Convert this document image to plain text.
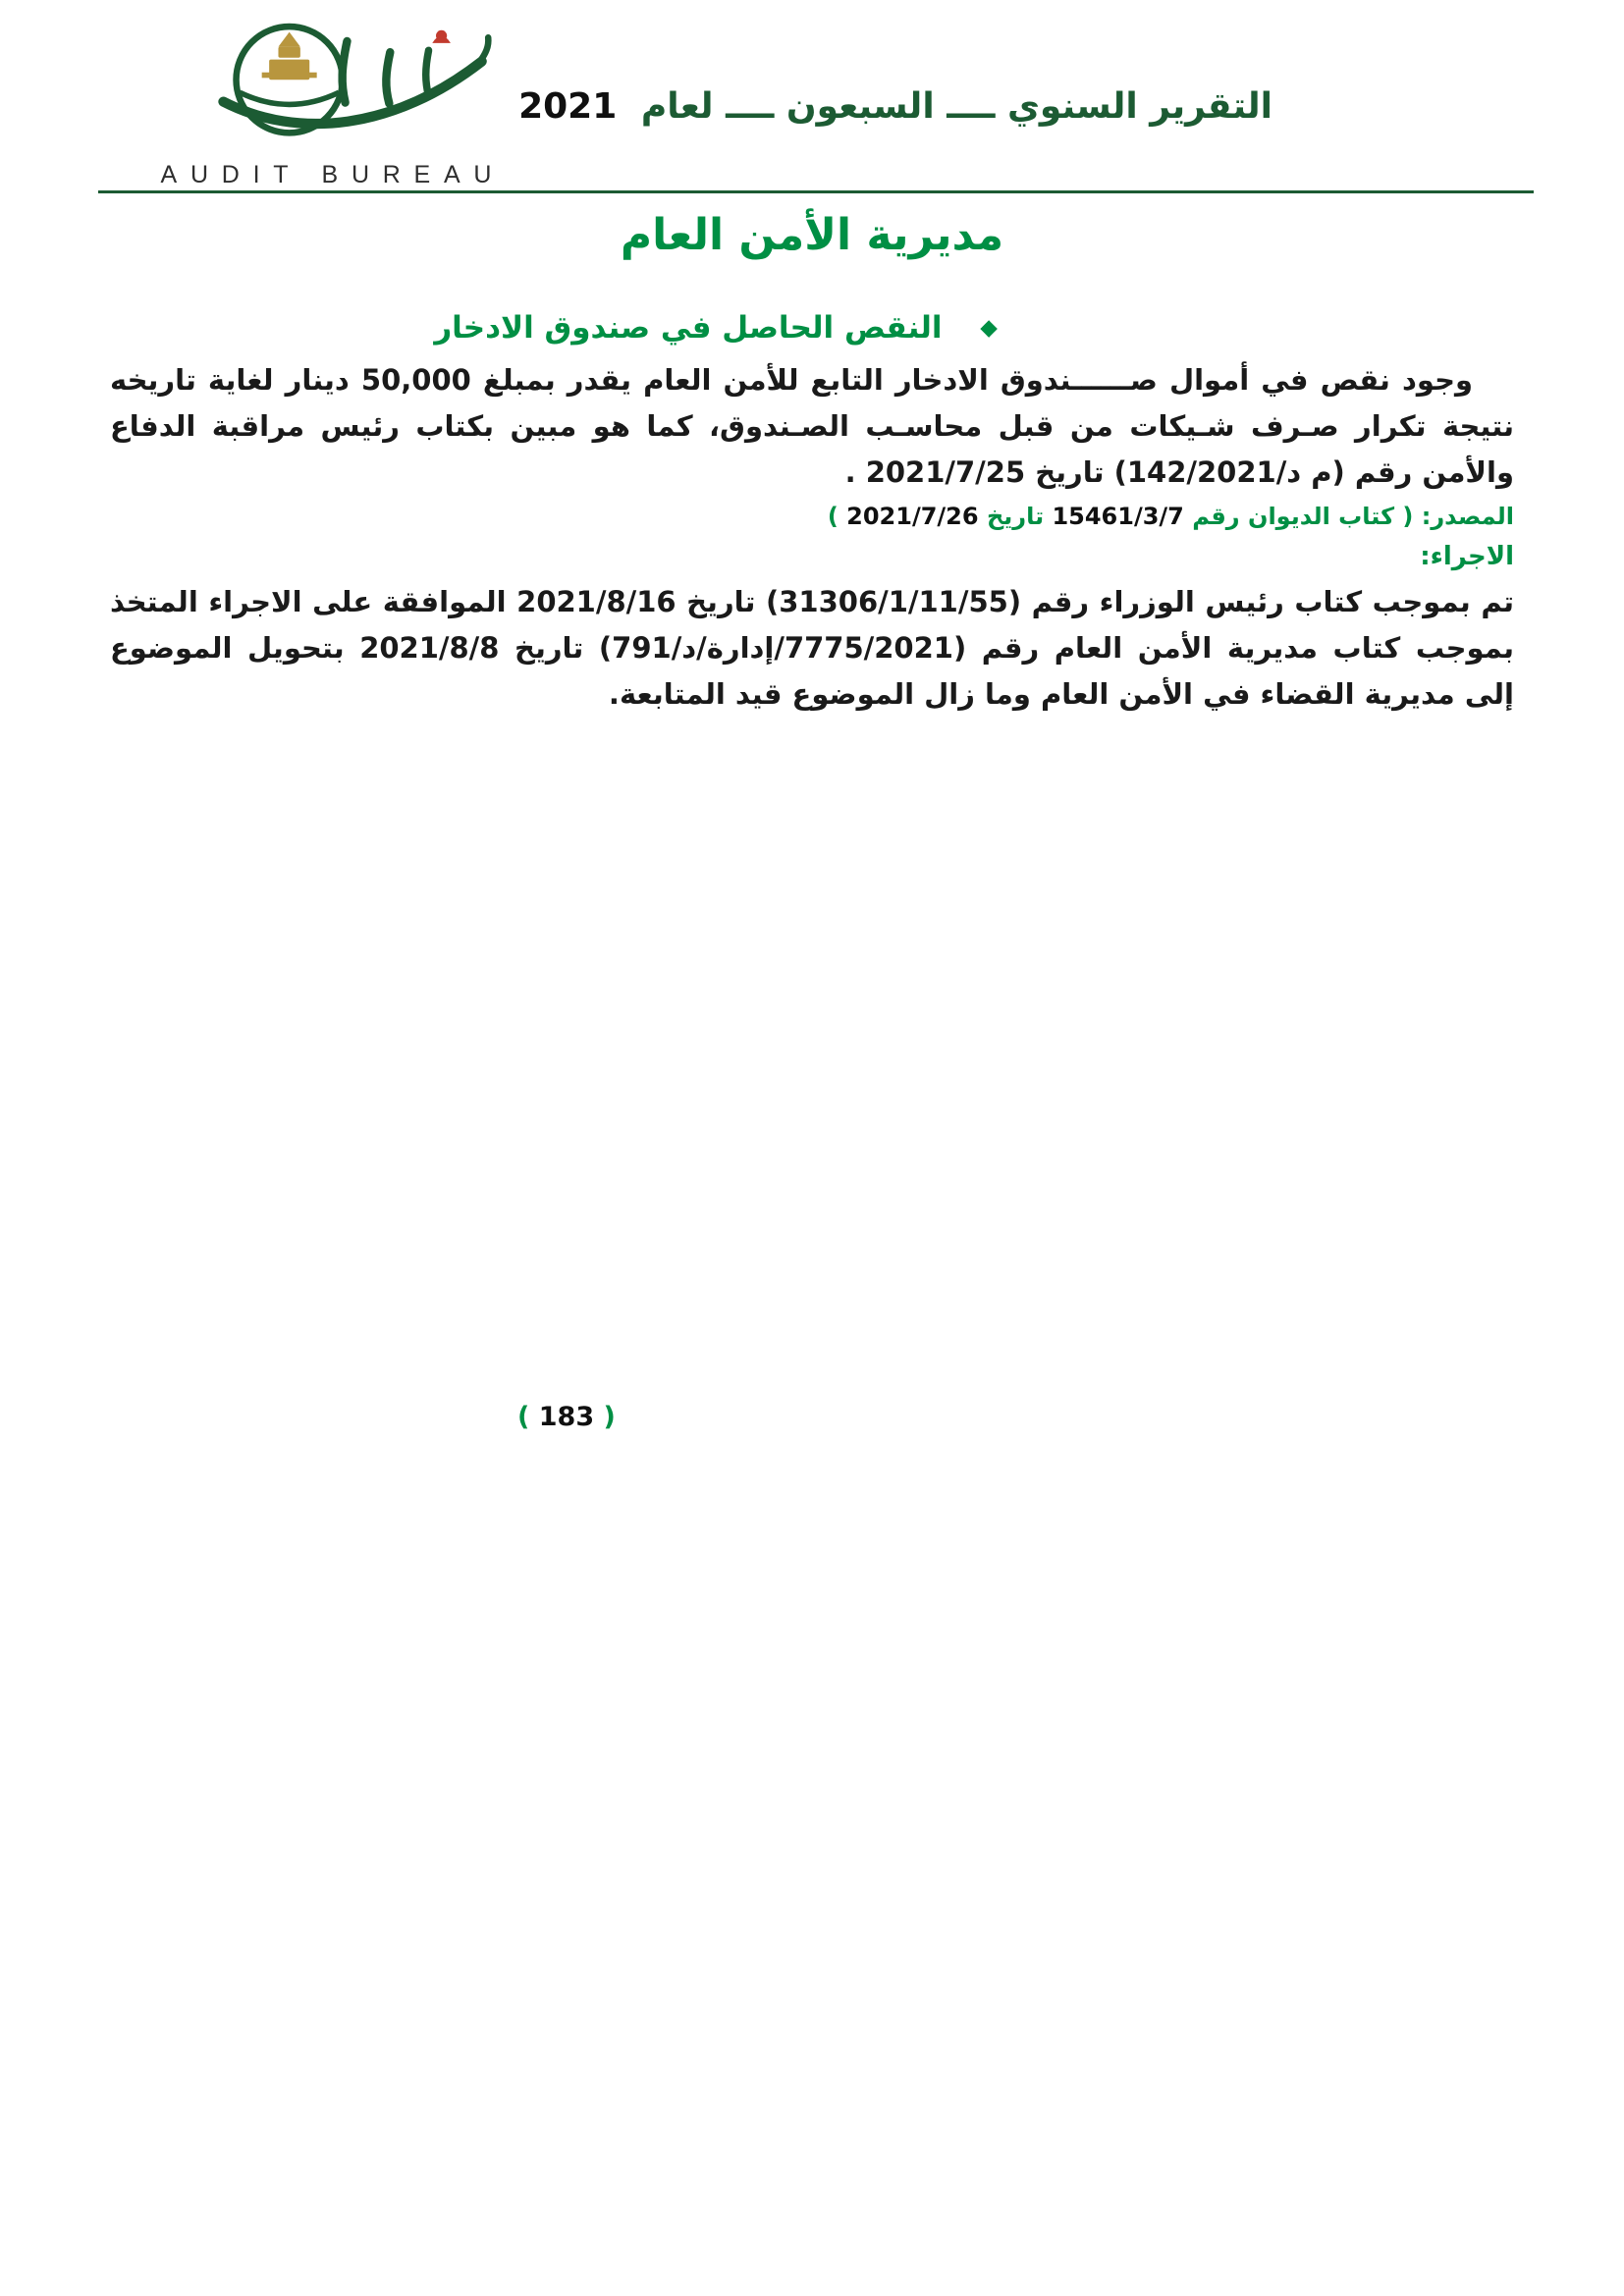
AUDIT BUREAU
التقرير السنوي ــــ السبعون ــــ لعام 2021
مديرية الأمن العام
◆ النقص الحاصل في صندوق الادخار

وجود نقص في أموال صــــــندوق الادخار التابع للأمن العام يقدر بمبلغ 50,000 دينار لغاية تاريخه نتيجة تكرار صـرف شـيكات من قبل محاسـب الصـندوق، كما هو مبين بكتاب رئيس مراقبة الدفاع والأمن رقم (م د/142/2021) تاريخ 2021/7/25 .

المصدر: ( كتاب الديوان رقم 15461/3/7 تاريخ 2021/7/26 )
الاجراء:

تم بموجب كتاب رئيس الوزراء رقم (31306/1/11/55) تاريخ 2021/8/16 الموافقة على الاجراء المتخذ بموجب كتاب مديرية الأمن العام رقم (7775/2021/إدارة/د/791) تاريخ 2021/8/8 بتحويل الموضوع إلى مديرية القضاء في الأمن العام وما زال الموضوع قيد المتابعة.

( 183 )
